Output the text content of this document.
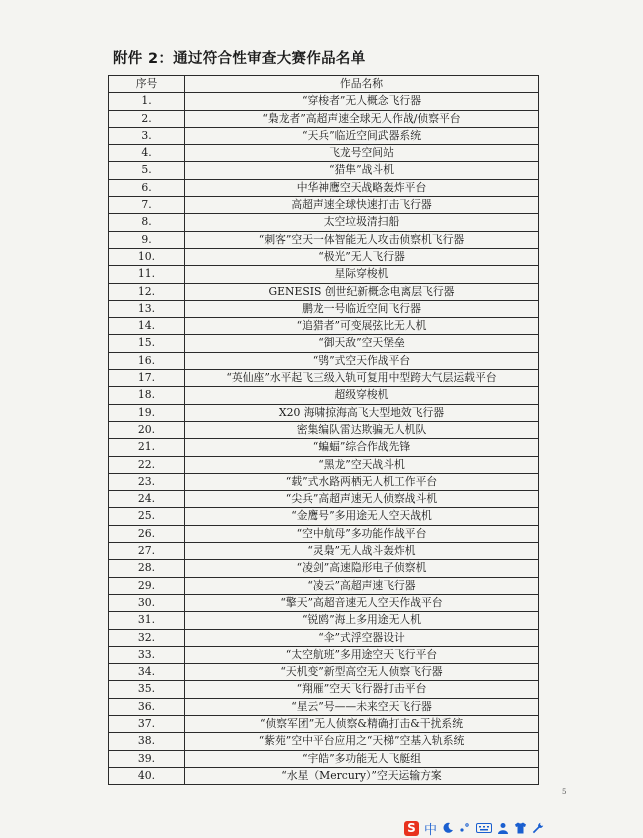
附件 2：通过符合性审查大赛作品名单
序号	作品名称
1.	“穿梭者”无人概念飞行器
2.	“梟龙者”高超声速全球无人作战/侦察平台
3.	“天兵”临近空间武器系统
4.	飞龙号空间站
5.	“猎隼”战斗机
6.	中华神鹰空天战略轰炸平台
7.	高超声速全球快速打击飞行器
8.	太空垃圾清扫船
9.	“刺客”空天一体智能无人攻击侦察机飞行器
10.	“极光”无人飞行器
11.	星际穿梭机
12.	GENESIS 创世纪新概念电离层飞行器
13.	鹏龙一号临近空间飞行器
14.	“追猎者”可变展弦比无人机
15.	“御天敌”空天堡垒
16.	“鸮”式空天作战平台
17.	“英仙座”水平起飞三级入轨可复用中型跨大气层运载平台
18.	超级穿梭机
19.	X20 海啸掠海高飞大型地效飞行器
20.	密集编队雷达欺骗无人机队
21.	“蝙蝠”综合作战先锋
22.	“黑龙”空天战斗机
23.	“载”式水路两栖无人机工作平台
24.	“尖兵”高超声速无人侦察战斗机
25.	“金鹰号”多用途无人空天战机
26.	“空中航母”多功能作战平台
27.	“灵梟”无人战斗轰炸机
28.	“凌剑”高速隐形电子侦察机
29.	“凌云”高超声速飞行器
30.	“擎天”高超音速无人空天作战平台
31.	“锐鸥”海上多用途无人机
32.	“伞”式浮空器设计
33.	“太空航班”多用途空天飞行平台
34.	“天机变”新型高空无人侦察飞行器
35.	“翔雁”空天飞行器打击平台
36.	“星云”号——未来空天飞行器
37.	“侦察军团”无人侦察&精确打击&干扰系统
38.	“紫苑”空中平台应用之“天梯”空基入轨系统
39.	“宇皓”多功能无人飞艇组
40.	“水星（Mercury）”空天运输方案
5
S 中
